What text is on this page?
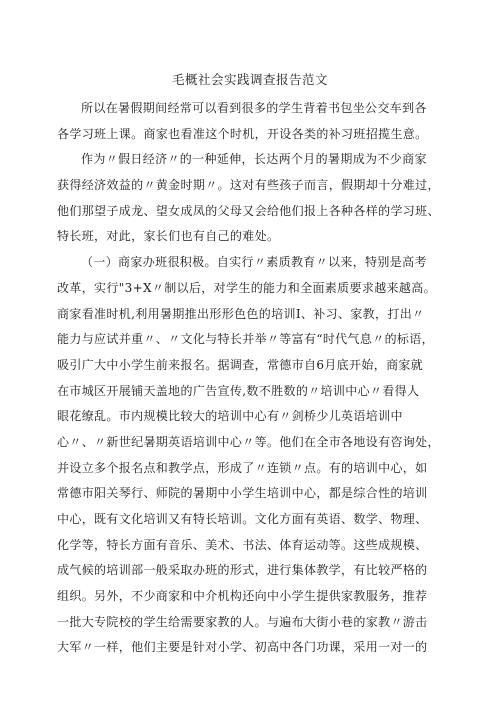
毛概社会实践调查报告范文
所以在暑假期间经常可以看到很多的学生背着书包坐公交车到各
各学习班上课。商家也看准这个时机，开设各类的补习班招揽生意。
作为〃假日经济〃的一种延伸，长达两个月的暑期成为不少商家
获得经济效益的〃黄金时期〃。这对有些孩子而言，假期却十分难过，
他们那望子成龙、望女成凤的父母又会给他们报上各种各样的学习班、
特长班，对此，家长们也有自己的难处。
（一）商家办班很积极。自实行〃素质教育〃以来，特别是高考
改革，实行"3+X〃制以后，对学生的能力和全面素质要求越来越高。
商家看准时机,利用暑期推出形形色色的培训Ⅰ、补习、家教，打出〃
能力与应试并重〃、〃文化与特长并举〃等富有“时代气息〃的标语，
吸引广大中小学生前来报名。据调查，常德市自6月底开始，商家就
在市城区开展铺天盖地的广告宣传,数不胜数的〃培训中心〃看得人
眼花缭乱。市内规模比较大的培训中心有〃剑桥少儿英语培训中
心〃、〃新世纪暑期英语培训中心〃等。他们在全市各地设有咨询处，
并设立多个报名点和教学点，形成了〃连锁〃点。有的培训中心，如
常德市阳关琴行、师院的暑期中小学生培训中心，都是综合性的培训
中心，既有文化培训又有特长培训。文化方面有英语、数学、物理、
化学等，特长方面有音乐、美术、书法、体育运动等。这些成规模、
成气候的培训部一般采取办班的形式，进行集体教学，有比较严格的
组织。另外，不少商家和中介机构还向中小学生提供家教服务，推荐
一批大专院校的学生给需要家教的人。与遍布大街小巷的家教〃游击
大军〃一样，他们主要是针对小学、初高中各门功课，采用一对一的
